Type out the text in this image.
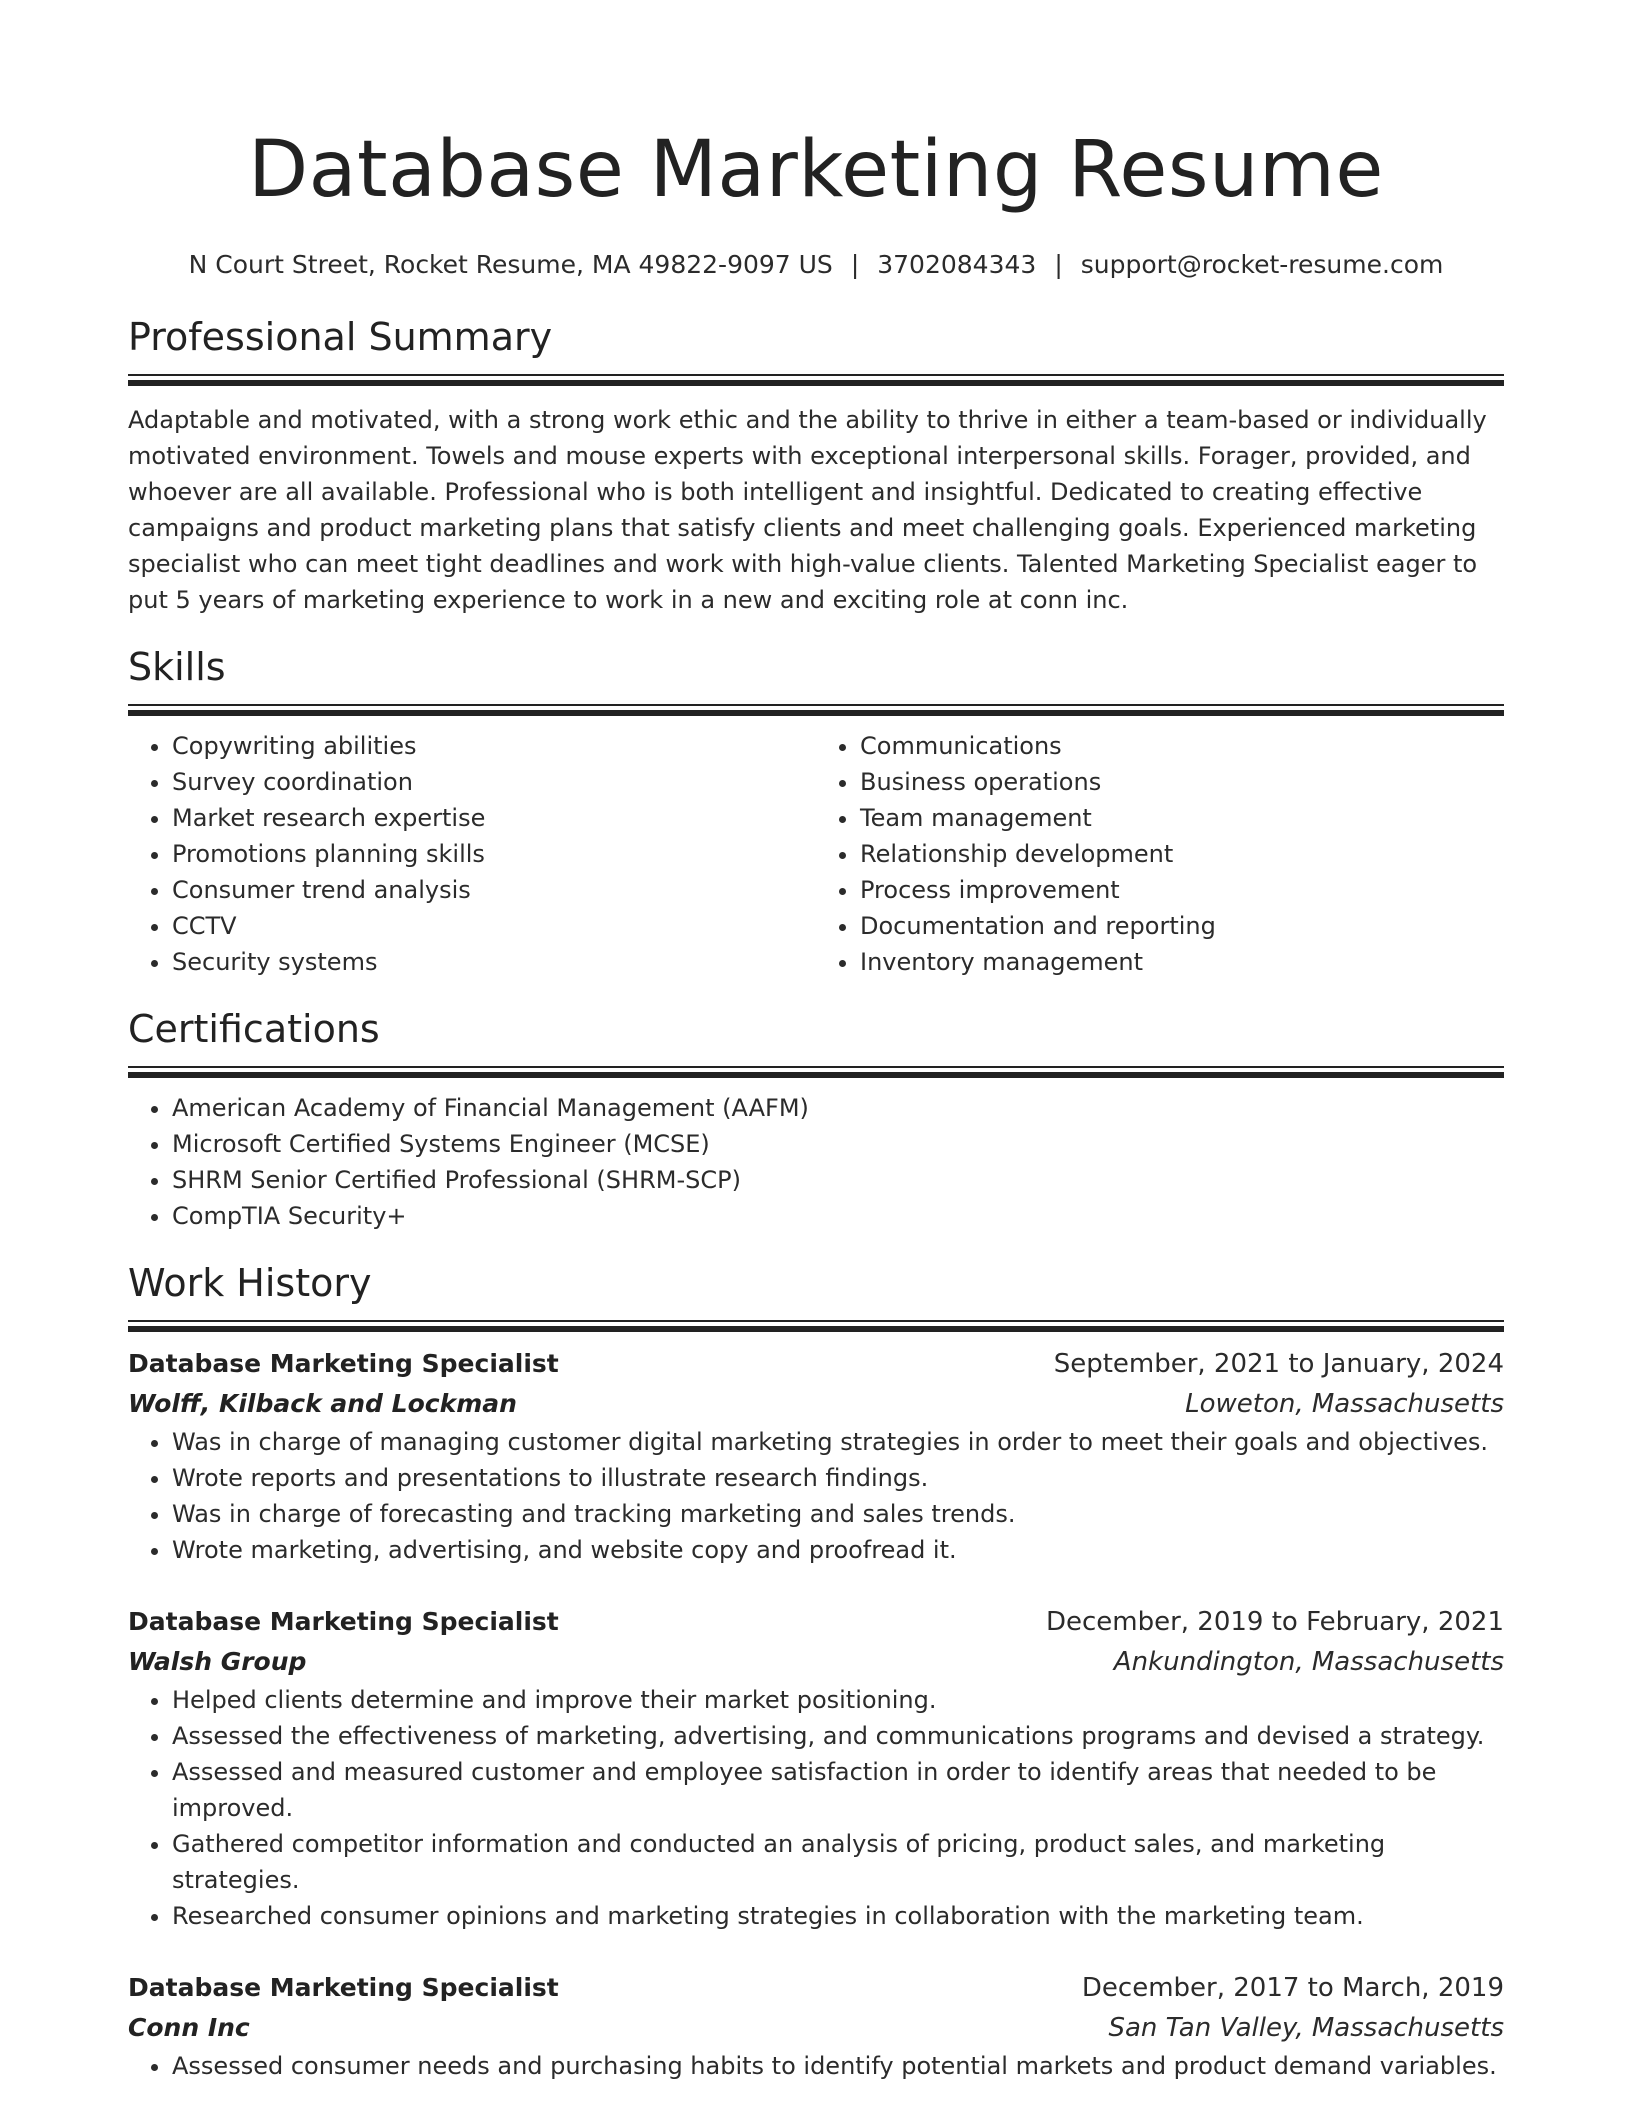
Database Marketing Resume
N Court Street, Rocket Resume, MA 49822-9097 US | 3702084343 | support@rocket-resume.com
Professional Summary

Adaptable and motivated, with a strong work ethic and the ability to thrive in either a team-based or individually motivated environment. Towels and mouse experts with exceptional interpersonal skills. Forager, provided, and whoever are all available. Professional who is both intelligent and insightful. Dedicated to creating effective campaigns and product marketing plans that satisfy clients and meet challenging goals. Experienced marketing specialist who can meet tight deadlines and work with high-value clients. Talented Marketing Specialist eager to put 5 years of marketing experience to work in a new and exciting role at conn inc.

Skills
• Copywriting abilities
• Survey coordination
• Market research expertise
• Promotions planning skills
• Consumer trend analysis
• CCTV
• Security systems
• Communications
• Business operations
• Team management
• Relationship development
• Process improvement
• Documentation and reporting
• Inventory management
Certifications
• American Academy of Financial Management (AAFM)
• Microsoft Certified Systems Engineer (MCSE)
• SHRM Senior Certified Professional (SHRM-SCP)
• CompTIA Security+
Work History
Database Marketing Specialist	September, 2021 to January, 2024
Wolff, Kilback and Lockman	Loweton, Massachusetts
• Was in charge of managing customer digital marketing strategies in order to meet their goals and objectives.
• Wrote reports and presentations to illustrate research findings.
• Was in charge of forecasting and tracking marketing and sales trends.
• Wrote marketing, advertising, and website copy and proofread it.
Database Marketing Specialist	December, 2019 to February, 2021
Walsh Group	Ankundington, Massachusetts
• Helped clients determine and improve their market positioning.
• Assessed the effectiveness of marketing, advertising, and communications programs and devised a strategy.
• Assessed and measured customer and employee satisfaction in order to identify areas that needed to be improved.
• Gathered competitor information and conducted an analysis of pricing, product sales, and marketing strategies.
• Researched consumer opinions and marketing strategies in collaboration with the marketing team.
Database Marketing Specialist	December, 2017 to March, 2019
Conn Inc	San Tan Valley, Massachusetts
• Assessed consumer needs and purchasing habits to identify potential markets and product demand variables.
